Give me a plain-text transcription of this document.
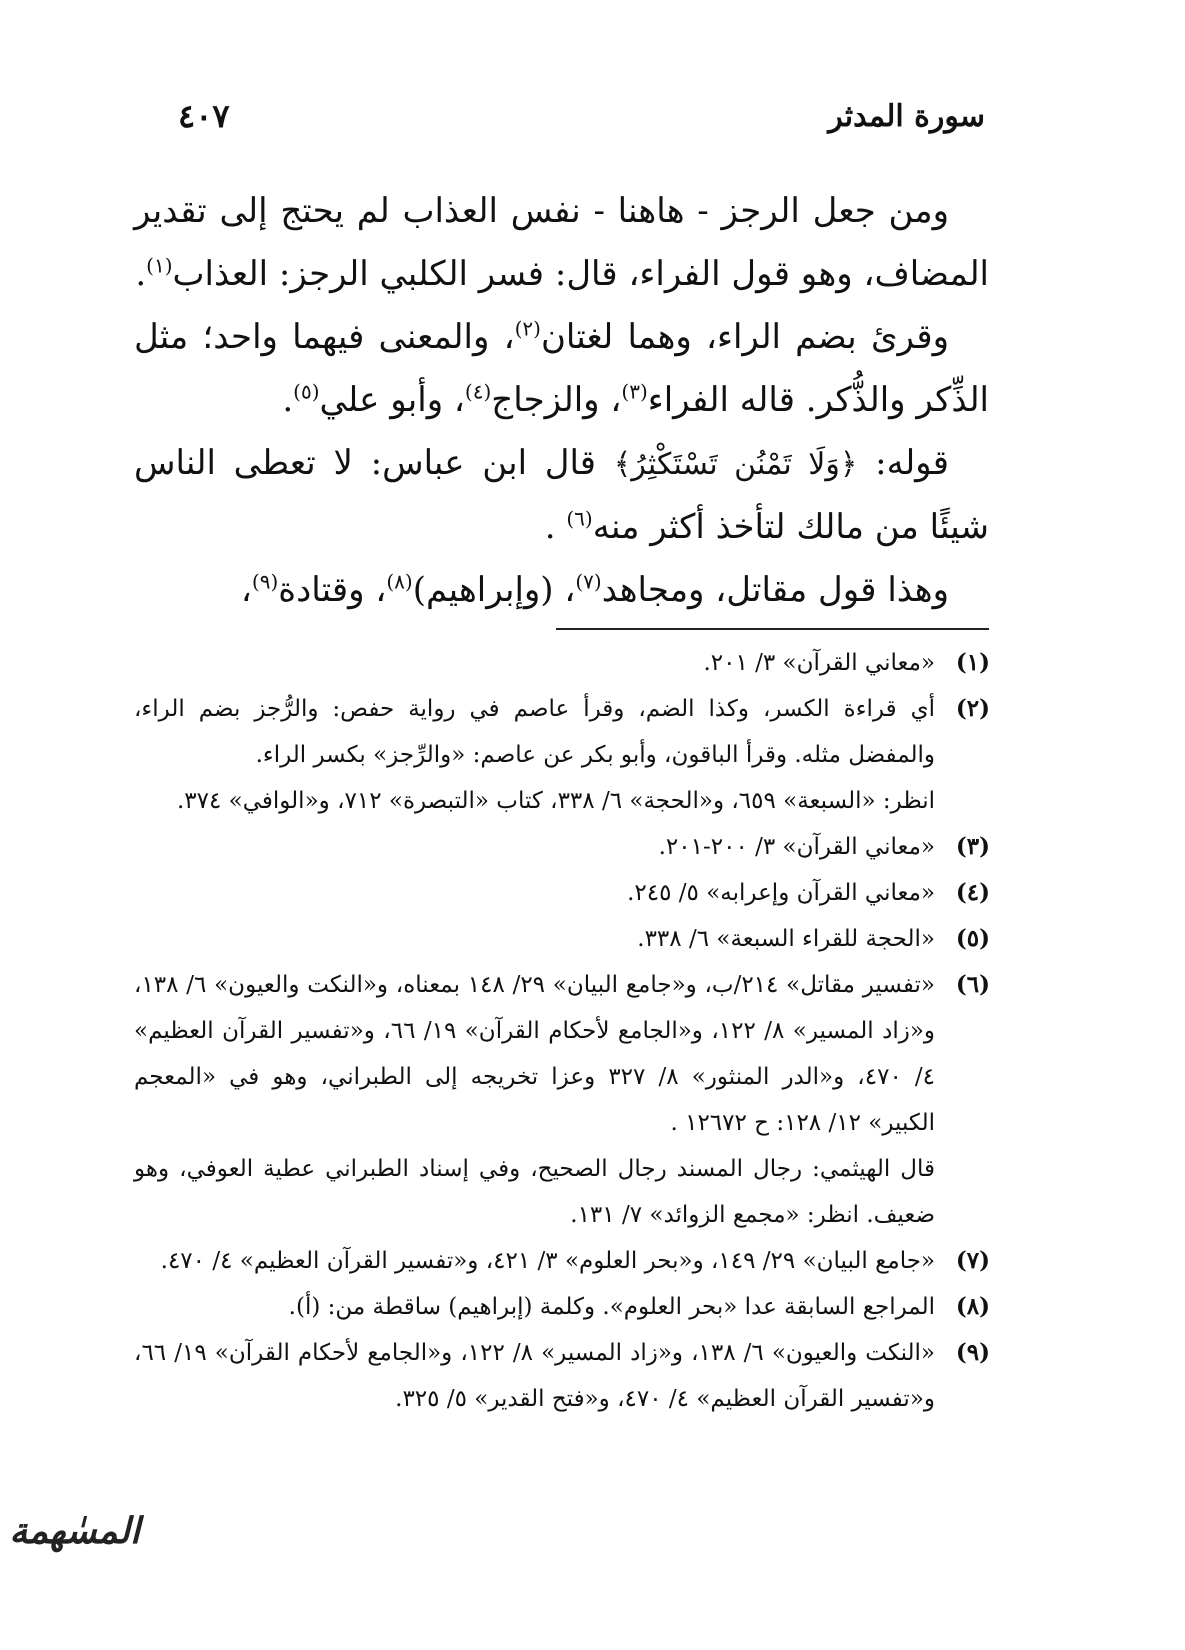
سورة المدثر
٤٠٧

ومن جعل الرجز - هاهنا - نفس العذاب لم يحتج إلى تقدير المضاف، وهو قول الفراء، قال: فسر الكلبي الرجز: العذاب$^{(١)}$.

وقرئ بضم الراء، وهما لغتان$^{(٢)}$، والمعنى فيهما واحد؛ مثل الذِّكر والذُّكر. قاله الفراء$^{(٣)}$، والزجاج$^{(٤)}$، وأبو علي$^{(٥)}$.

قوله: ﴿وَلَا تَمْنُن تَسْتَكْثِرُ﴾ قال ابن عباس: لا تعطى الناس شيئًا من مالك لتأخذ أكثر منه$^{(٦)}$ .

وهذا قول مقاتل، ومجاهد$^{(٧)}$، (وإبراهيم)$^{(٨)}$، وقتادة$^{(٩)}$،

(١)
«معاني القرآن» ٣/ ٢٠١.
(٢)
أي قراءة الكسر، وكذا الضم، وقرأ عاصم في رواية حفص: والرُّجز بضم الراء، والمفضل مثله. وقرأ الباقون، وأبو بكر عن عاصم: «والرِّجز» بكسر الراء.
انظر: «السبعة» ٦٥٩، و«الحجة» ٦/ ٣٣٨، كتاب «التبصرة» ٧١٢، و«الوافي» ٣٧٤.
(٣)
«معاني القرآن» ٣/ ٢٠٠-٢٠١.
(٤)
«معاني القرآن وإعرابه» ٥/ ٢٤٥.
(٥)
«الحجة للقراء السبعة» ٦/ ٣٣٨.
(٦)
«تفسير مقاتل» ٢١٤/ب، و«جامع البيان» ٢٩/ ١٤٨ بمعناه، و«النكت والعيون» ٦/ ١٣٨، و«زاد المسير» ٨/ ١٢٢، و«الجامع لأحكام القرآن» ١٩/ ٦٦، و«تفسير القرآن العظيم» ٤/ ٤٧٠، و«الدر المنثور» ٨/ ٣٢٧ وعزا تخريجه إلى الطبراني، وهو في «المعجم الكبير» ١٢/ ١٢٨: ح ١٢٦٧٢ .
قال الهيثمي: رجال المسند رجال الصحيح، وفي إسناد الطبراني عطية العوفي، وهو ضعيف. انظر: «مجمع الزوائد» ٧/ ١٣١.
(٧)
«جامع البيان» ٢٩/ ١٤٩، و«بحر العلوم» ٣/ ٤٢١، و«تفسير القرآن العظيم» ٤/ ٤٧٠.
(٨)
المراجع السابقة عدا «بحر العلوم». وكلمة (إبراهيم) ساقطة من: (أ).
(٩)
«النكت والعيون» ٦/ ١٣٨، و«زاد المسير» ٨/ ١٢٢، و«الجامع لأحكام القرآن» ١٩/ ٦٦، و«تفسير القرآن العظيم» ٤/ ٤٧٠، و«فتح القدير» ٥/ ٣٢٥.
المسٰهمة
